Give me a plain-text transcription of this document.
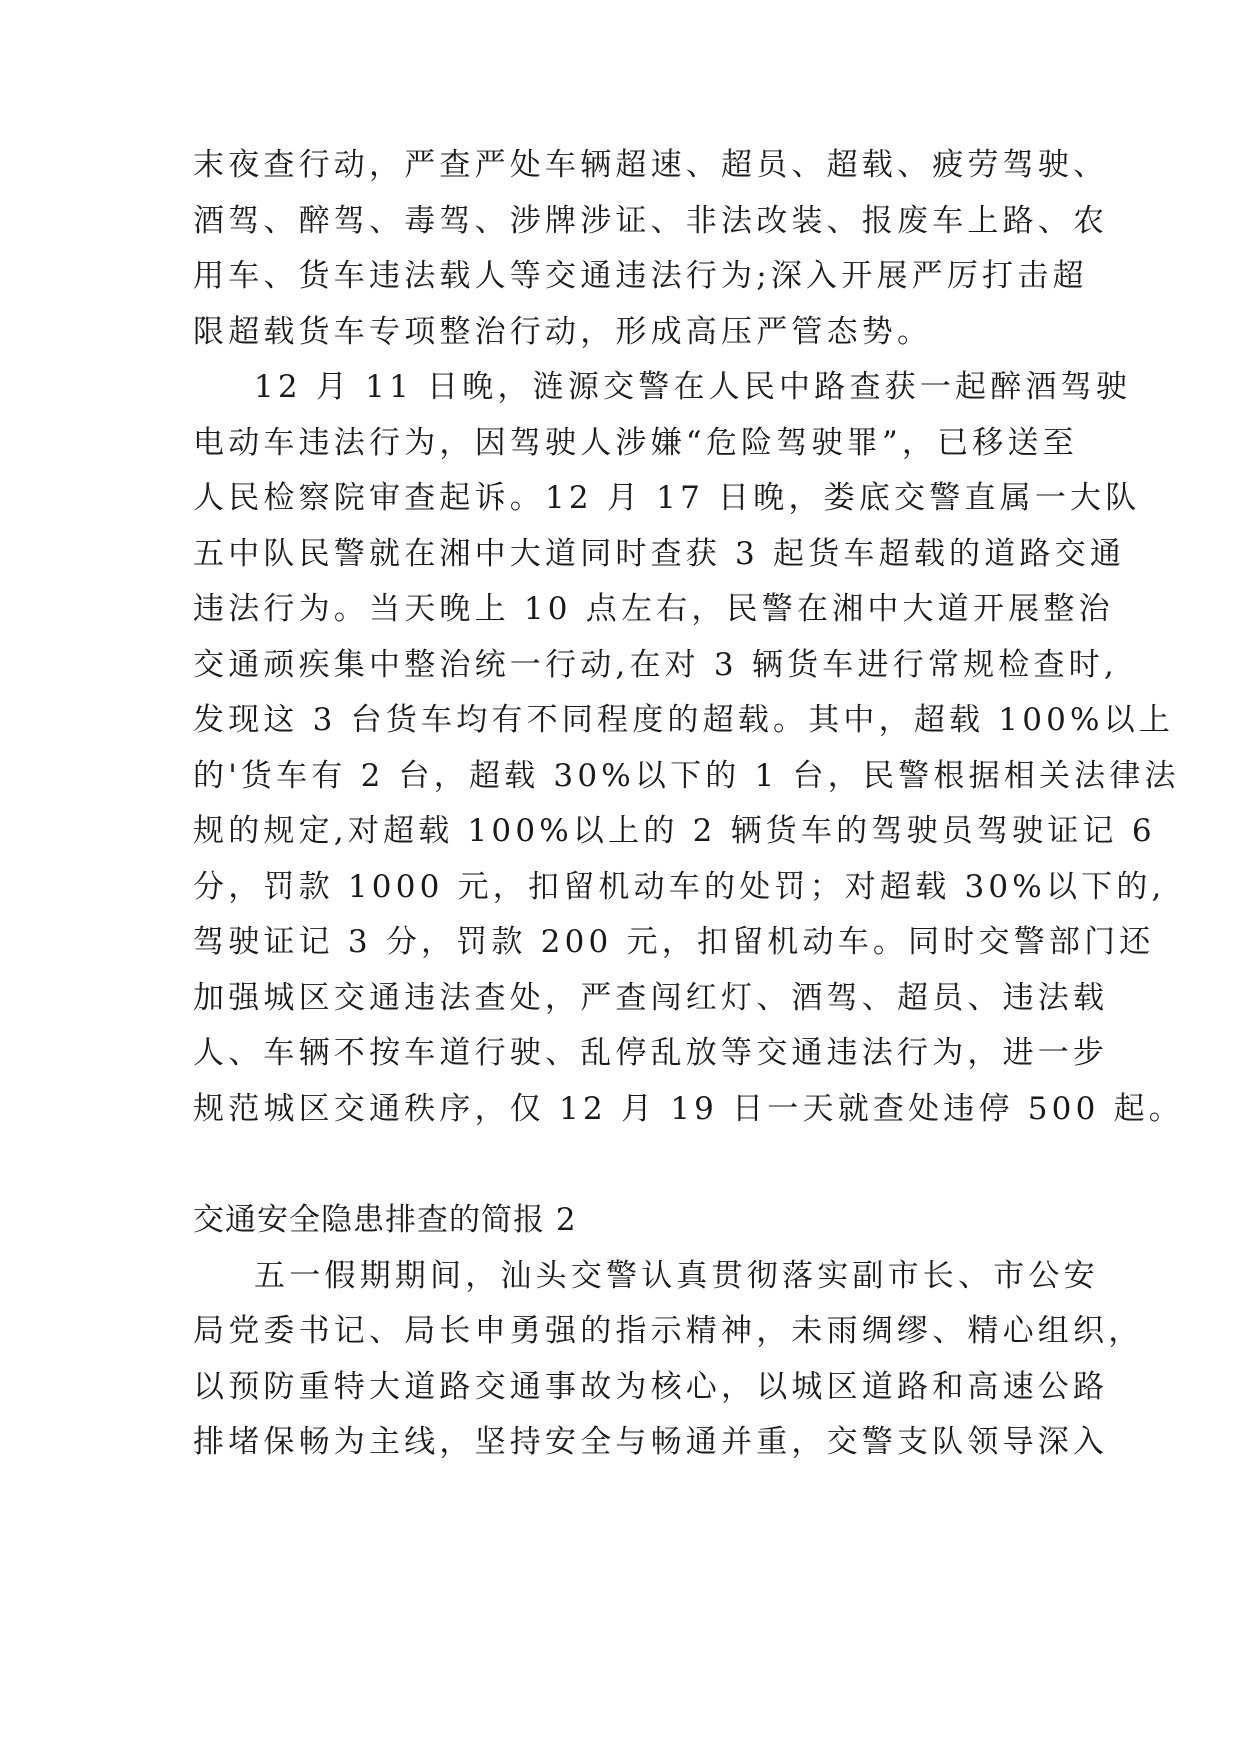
末夜查行动，严查严处车辆超速、超员、超载、疲劳驾驶、
酒驾、醉驾、毒驾、涉牌涉证、非法改装、报废车上路、农
用车、货车违法载人等交通违法行为;深入开展严厉打击超
限超载货车专项整治行动，形成高压严管态势。
12 月 11 日晚，涟源交警在人民中路查获一起醉酒驾驶
电动车违法行为，因驾驶人涉嫌“危险驾驶罪”，已移送至
人民检察院审查起诉。12 月 17 日晚，娄底交警直属一大队
五中队民警就在湘中大道同时查获 3 起货车超载的道路交通
违法行为。当天晚上 10 点左右，民警在湘中大道开展整治
交通顽疾集中整治统一行动,在对 3 辆货车进行常规检查时,
发现这 3 台货车均有不同程度的超载。其中，超载 100%以上
的'货车有 2 台，超载 30%以下的 1 台，民警根据相关法律法
规的规定,对超载 100%以上的 2 辆货车的驾驶员驾驶证记 6
分，罚款 1000 元，扣留机动车的处罚；对超载 30%以下的,
驾驶证记 3 分，罚款 200 元，扣留机动车。同时交警部门还
加强城区交通违法查处，严查闯红灯、酒驾、超员、违法载
人、车辆不按车道行驶、乱停乱放等交通违法行为，进一步
规范城区交通秩序，仅 12 月 19 日一天就查处违停 500 起。
交通安全隐患排查的简报 2
五一假期期间，汕头交警认真贯彻落实副市长、市公安
局党委书记、局长申勇强的指示精神，未雨绸缪、精心组织，
以预防重特大道路交通事故为核心，以城区道路和高速公路
排堵保畅为主线，坚持安全与畅通并重，交警支队领导深入
